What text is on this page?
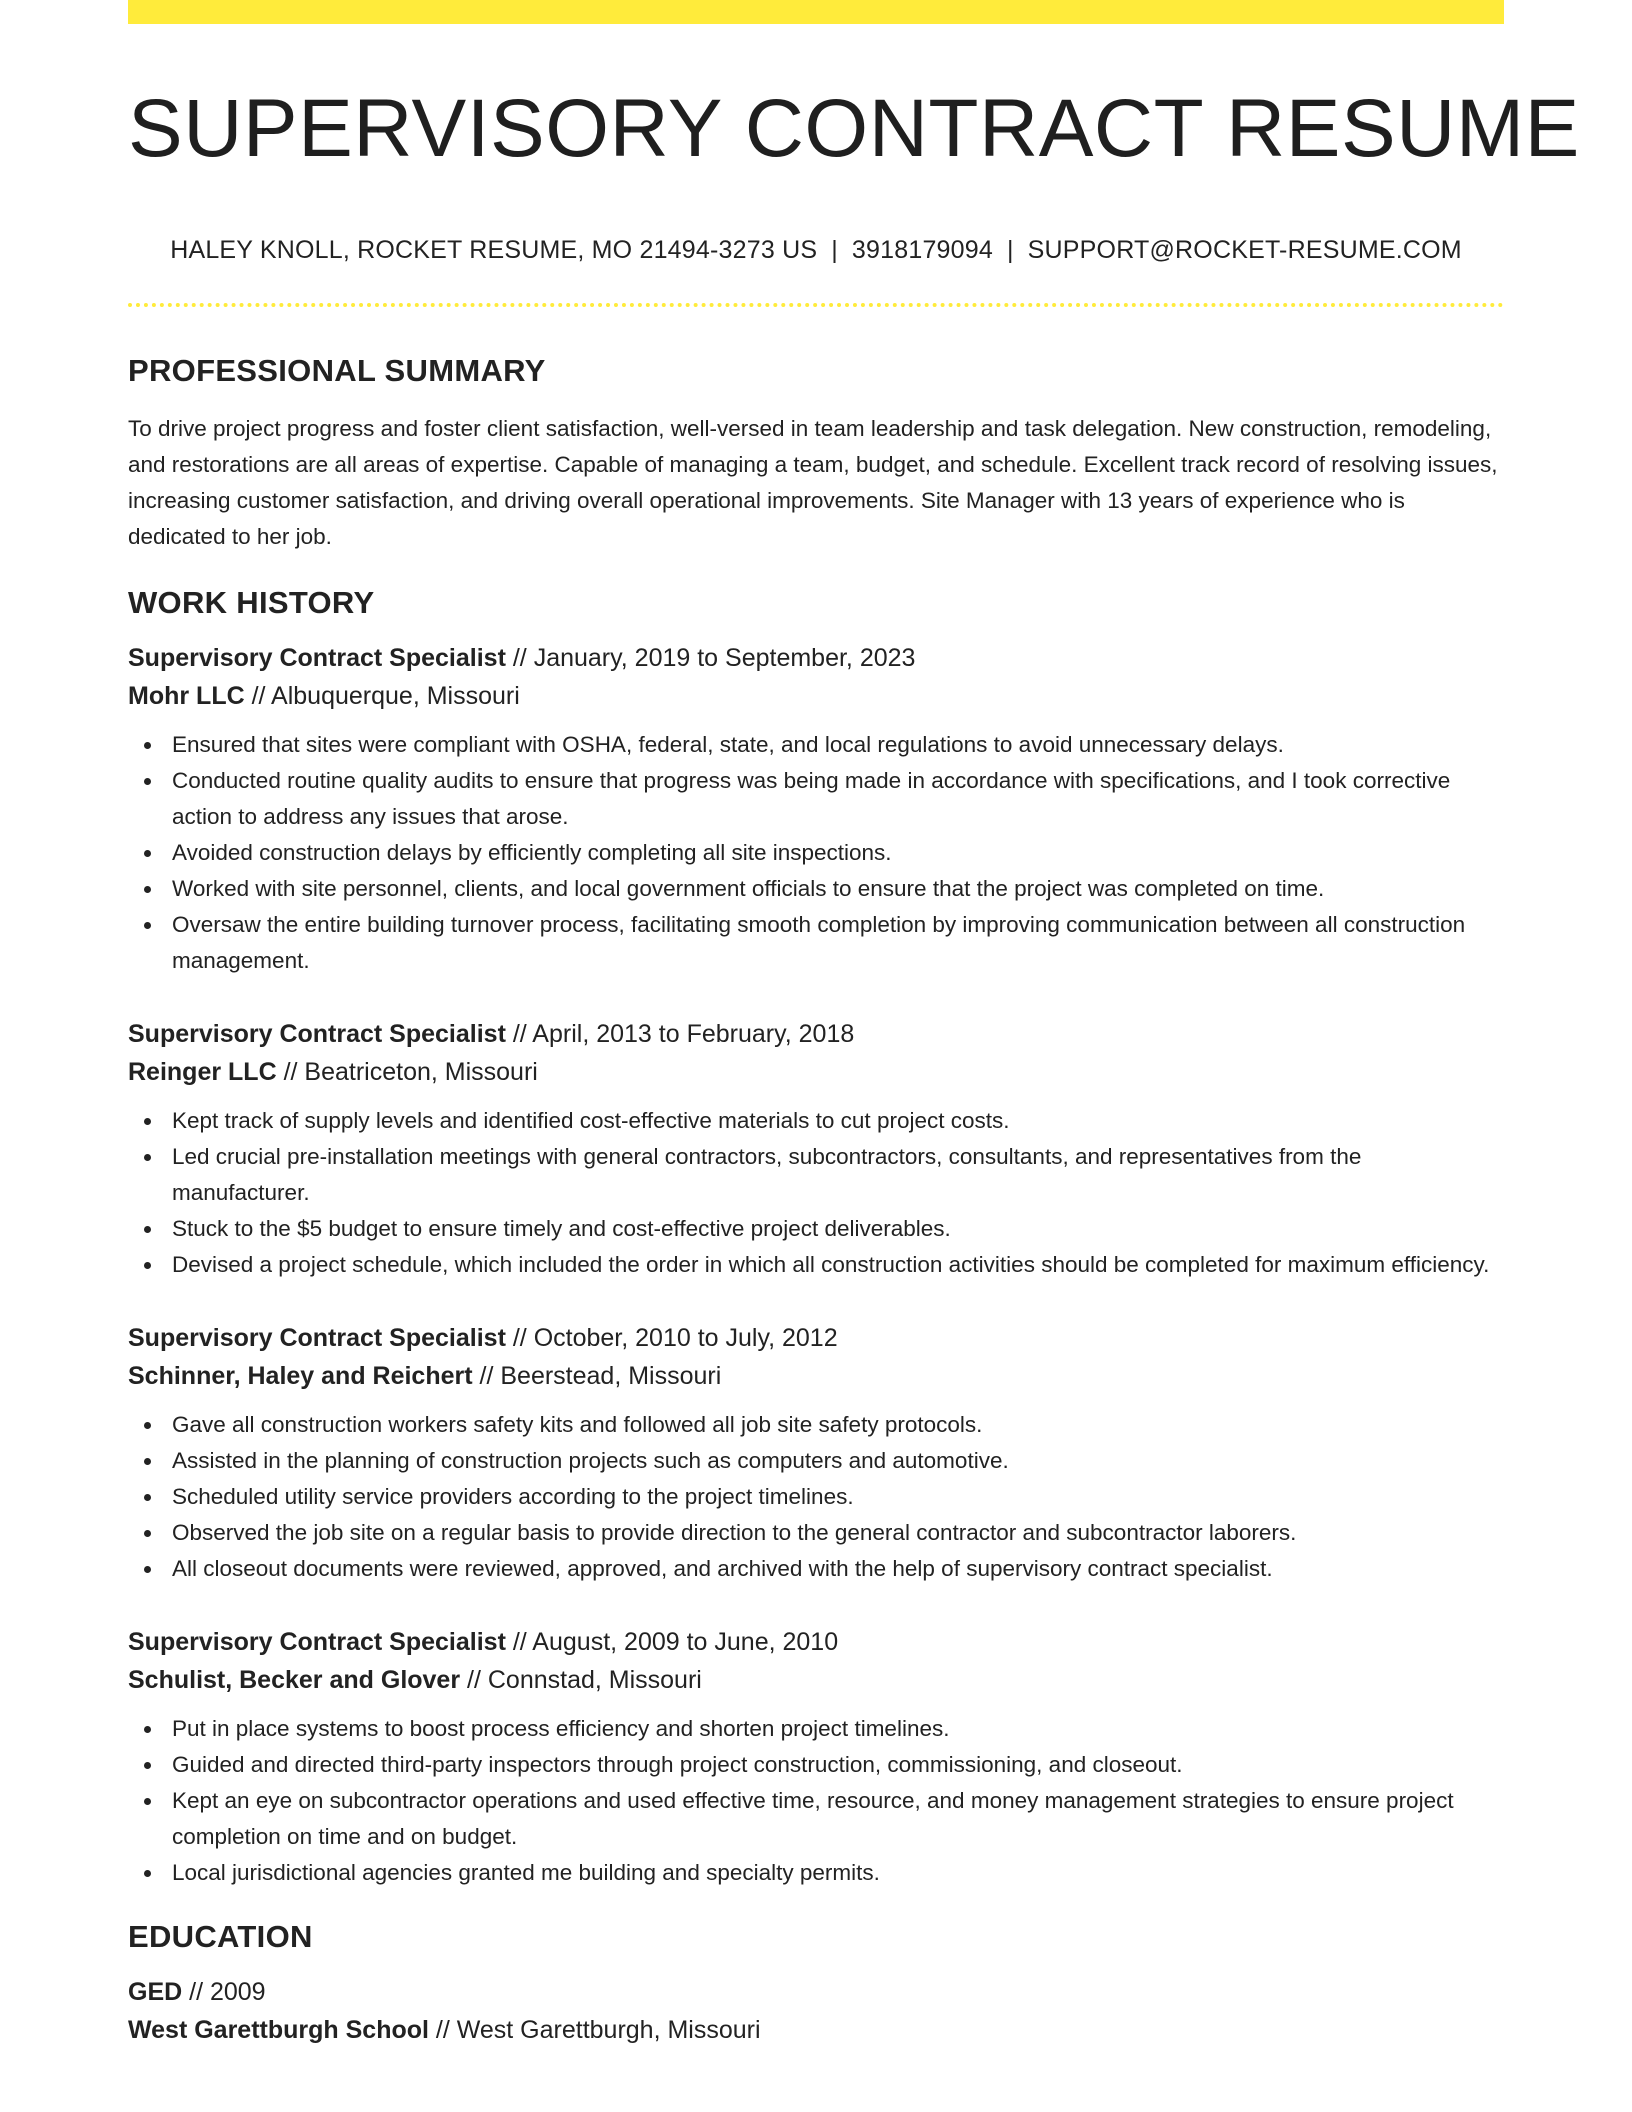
SUPERVISORY CONTRACT RESUME
HALEY KNOLL, ROCKET RESUME, MO 21494-3273 US | 3918179094 | SUPPORT@ROCKET-RESUME.COM
PROFESSIONAL SUMMARY

To drive project progress and foster client satisfaction, well-versed in team leadership and task delegation. New construction, remodeling, and restorations are all areas of expertise. Capable of managing a team, budget, and schedule. Excellent track record of resolving issues, increasing customer satisfaction, and driving overall operational improvements. Site Manager with 13 years of experience who is dedicated to her job.

WORK HISTORY
Supervisory Contract Specialist // January, 2019 to September, 2023
Mohr LLC // Albuquerque, Missouri
Ensured that sites were compliant with OSHA, federal, state, and local regulations to avoid unnecessary delays.
Conducted routine quality audits to ensure that progress was being made in accordance with specifications, and I took corrective action to address any issues that arose.
Avoided construction delays by efficiently completing all site inspections.
Worked with site personnel, clients, and local government officials to ensure that the project was completed on time.
Oversaw the entire building turnover process, facilitating smooth completion by improving communication between all construction management.
Supervisory Contract Specialist // April, 2013 to February, 2018
Reinger LLC // Beatriceton, Missouri
Kept track of supply levels and identified cost-effective materials to cut project costs.
Led crucial pre-installation meetings with general contractors, subcontractors, consultants, and representatives from the manufacturer.
Stuck to the $5 budget to ensure timely and cost-effective project deliverables.
Devised a project schedule, which included the order in which all construction activities should be completed for maximum efficiency.
Supervisory Contract Specialist // October, 2010 to July, 2012
Schinner, Haley and Reichert // Beerstead, Missouri
Gave all construction workers safety kits and followed all job site safety protocols.
Assisted in the planning of construction projects such as computers and automotive.
Scheduled utility service providers according to the project timelines.
Observed the job site on a regular basis to provide direction to the general contractor and subcontractor laborers.
All closeout documents were reviewed, approved, and archived with the help of supervisory contract specialist.
Supervisory Contract Specialist // August, 2009 to June, 2010
Schulist, Becker and Glover // Connstad, Missouri
Put in place systems to boost process efficiency and shorten project timelines.
Guided and directed third-party inspectors through project construction, commissioning, and closeout.
Kept an eye on subcontractor operations and used effective time, resource, and money management strategies to ensure project completion on time and on budget.
Local jurisdictional agencies granted me building and specialty permits.
EDUCATION
GED // 2009
West Garettburgh School // West Garettburgh, Missouri
